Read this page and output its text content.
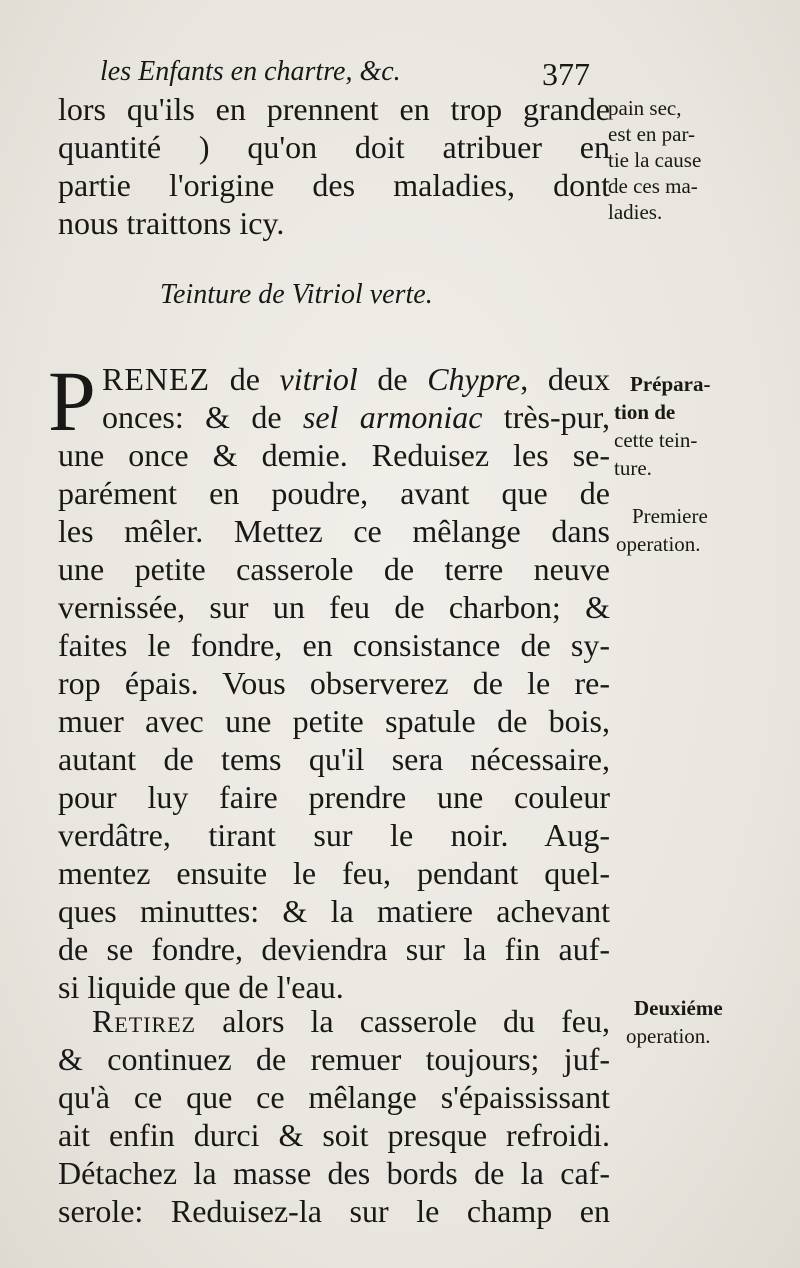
les Enfants en chartre, &c.	377
lors qu'ils en prennent en trop grande
quantité ) qu'on doit atribuer en
partie l'origine des maladies, dont
nous traittons icy.
pain sec,
est en par-
tie la cause
de ces ma-
ladies.
Teinture de Vitriol verte.
P RENEZ de vitriol de Chypre, deux
onces: & de sel armoniac très-pur,
une once & demie. Reduisez les se-
parément en poudre, avant que de
les mêler. Mettez ce mêlange dans
une petite casserole de terre neuve
vernissée, sur un feu de charbon; &
faites le fondre, en consistance de sy-
rop épais. Vous observerez de le re-
muer avec une petite spatule de bois,
autant de tems qu'il sera nécessaire,
pour luy faire prendre une couleur
verdâtre, tirant sur le noir. Aug-
mentez ensuite le feu, pendant quel-
ques minuttes: & la matiere achevant
de se fondre, deviendra sur la fin auf-
si liquide que de l'eau.
Prépara-
tion de
cette tein-
ture.
Premiere
operation.
Retirez alors la casserole du feu,
& continuez de remuer toujours; juf-
qu'à ce que ce mêlange s'épaississant
ait enfin durci & soit presque refroidi.
Détachez la masse des bords de la caf-
serole: Reduisez-la sur le champ en
Deuxiéme
operation.
